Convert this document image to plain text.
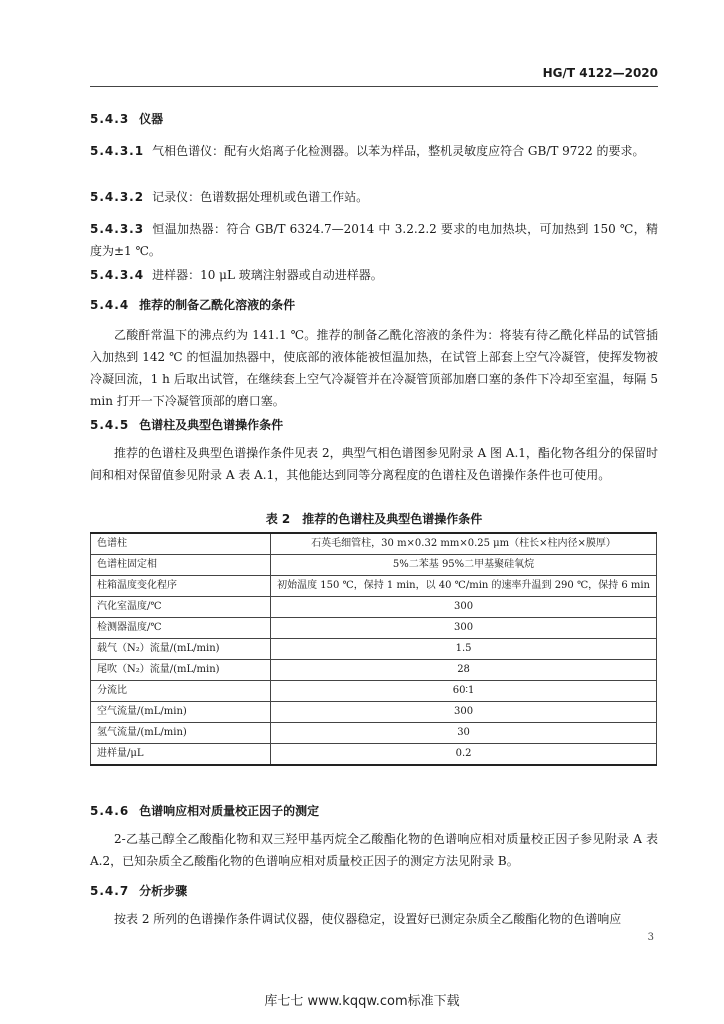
HG/T 4122—2020
5.4.3 仪器
5.4.3.1 气相色谱仪：配有火焰离子化检测器。以苯为样品，整机灵敏度应符合 GB/T 9722 的要求。
5.4.3.2 记录仪：色谱数据处理机或色谱工作站。
5.4.3.3 恒温加热器：符合 GB/T 6324.7—2014 中 3.2.2.2 要求的电加热块，可加热到 150 ℃，精度为±1 ℃。
5.4.3.4 进样器：10 μL 玻璃注射器或自动进样器。
5.4.4 推荐的制备乙酰化溶液的条件
乙酸酐常温下的沸点约为 141.1 ℃。推荐的制备乙酰化溶液的条件为：将装有待乙酰化样品的试管插入加热到 142 ℃ 的恒温加热器中，使底部的液体能被恒温加热，在试管上部套上空气冷凝管，使挥发物被冷凝回流，1 h 后取出试管，在继续套上空气冷凝管并在冷凝管顶部加磨口塞的条件下冷却至室温，每隔 5 min 打开一下冷凝管顶部的磨口塞。
5.4.5 色谱柱及典型色谱操作条件
推荐的色谱柱及典型色谱操作条件见表 2，典型气相色谱图参见附录 A 图 A.1，酯化物各组分的保留时间和相对保留值参见附录 A 表 A.1，其他能达到同等分离程度的色谱柱及色谱操作条件也可使用。
表 2　推荐的色谱柱及典型色谱操作条件
5.4.6 色谱响应相对质量校正因子的测定
2-乙基己醇全乙酸酯化物和双三羟甲基丙烷全乙酸酯化物的色谱响应相对质量校正因子参见附录 A 表 A.2，已知杂质全乙酸酯化物的色谱响应相对质量校正因子的测定方法见附录 B。
5.4.7 分析步骤
按表 2 所列的色谱操作条件调试仪器，使仪器稳定，设置好已测定杂质全乙酸酯化物的色谱响应
色谱柱	石英毛细管柱，30 m×0.32 mm×0.25 μm（柱长×柱内径×膜厚）
色谱柱固定相	5%二苯基 95%二甲基聚硅氧烷
柱箱温度变化程序	初始温度 150 ℃，保持 1 min，以 40 ℃/min 的速率升温到 290 ℃，保持 6 min
汽化室温度/℃	300
检测器温度/℃	300
载气（N₂）流量/(mL/min)	1.5
尾吹（N₂）流量/(mL/min)	28
分流比	60∶1
空气流量/(mL/min)	300
氢气流量/(mL/min)	30
进样量/μL	0.2
3
库七七 www.kqqw.com标准下载
